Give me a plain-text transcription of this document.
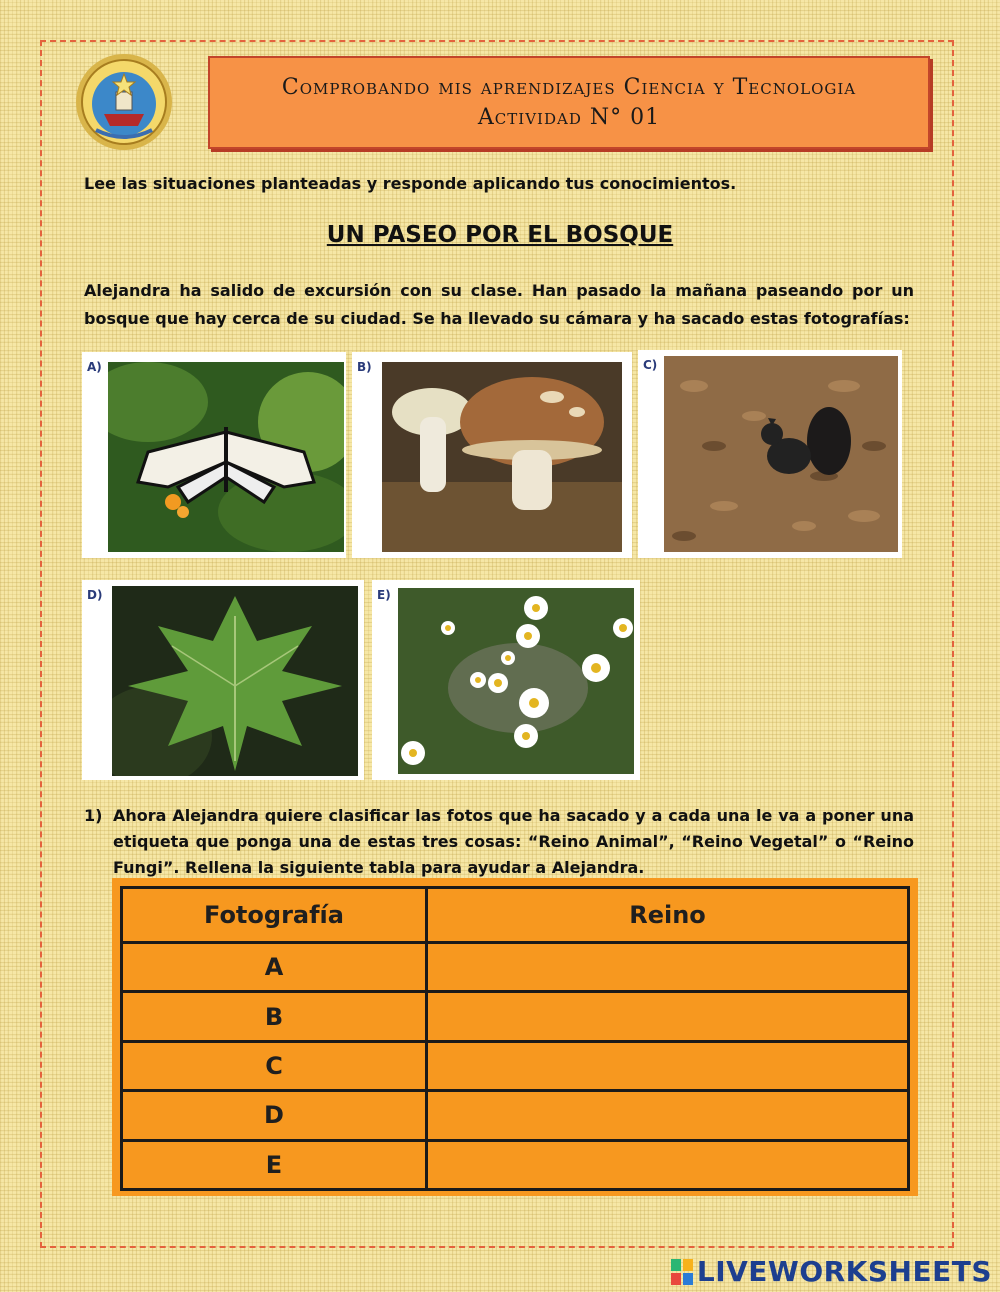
Comprobando mis aprendizajes Ciencia y Tecnologia
Actividad N° 01
Lee las situaciones planteadas y responde aplicando tus conocimientos.
UN PASEO POR EL BOSQUE
Alejandra ha salido de excursión con su clase. Han pasado la mañana paseando por un bosque que hay cerca de su ciudad. Se ha llevado su cámara y ha sacado estas fotografías:
A)	B)	C)
D)	E)
1) Ahora Alejandra quiere clasificar las fotos que ha sacado y a cada una le va a poner una etiqueta que ponga una de estas tres cosas: “Reino Animal”, “Reino Vegetal” o “Reino Fungi”. Rellena la siguiente tabla para ayudar a Alejandra.
Fotografía	Reino
A	
B	
C	
D	
E	
LIVEWORKSHEETS
